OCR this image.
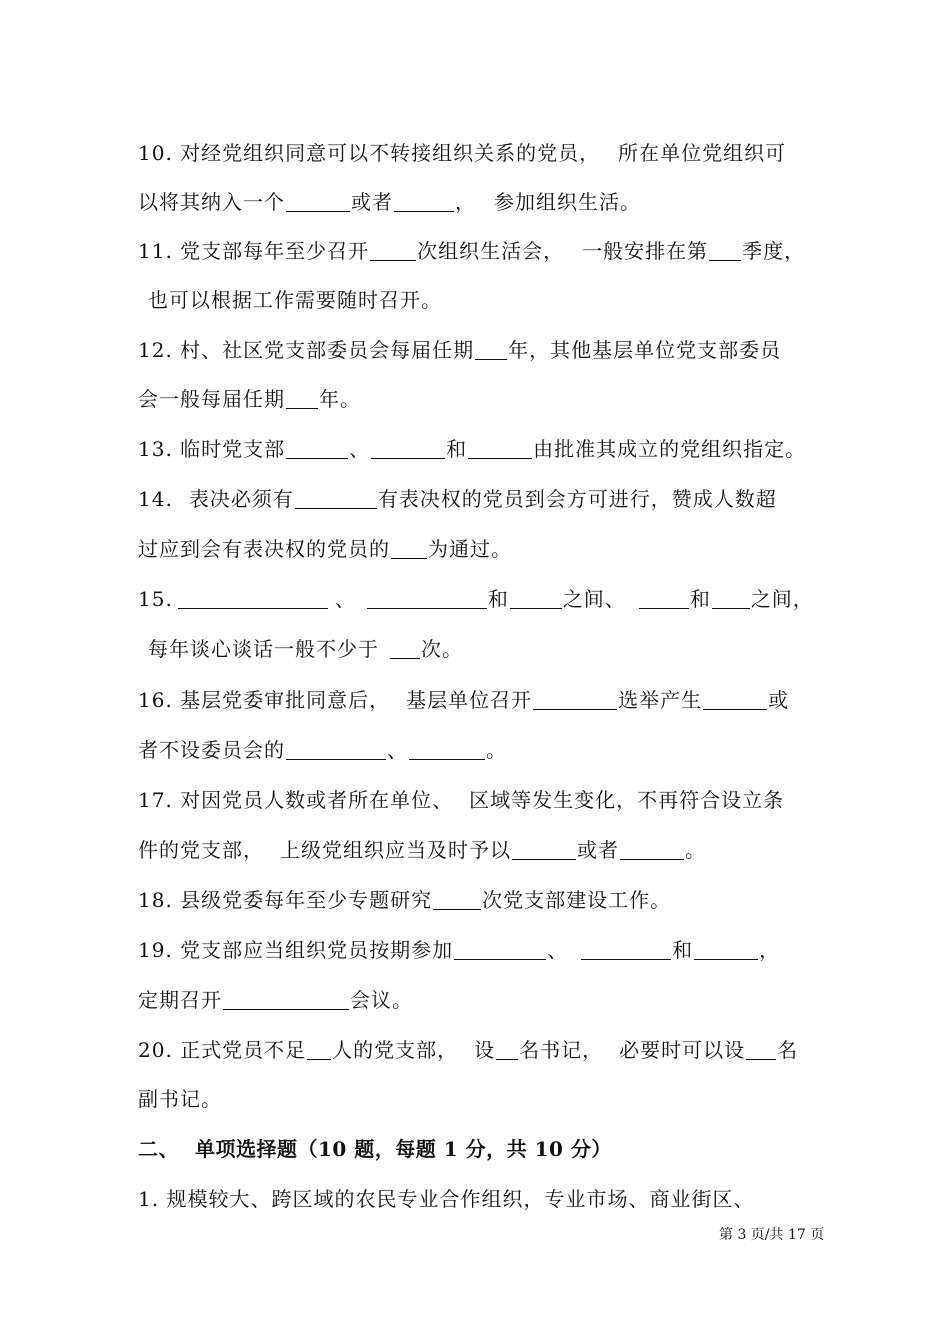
10. 对经党组织同意可以不转接组织关系的党员， 所在单位党组织可
以将其纳入一个	或者	， 参加组织生活。
11. 党支部每年至少召开 次组织生活会， 一般安排在第 季度，
也可以根据工作需要随时召开。
12. 村、社区党支部委员会每届任期 年，其他基层单位党支部委员
会一般每届任期 年。
13. 临时党支部	、	和	由批准其成立的党组织指定。
14. 表决必须有	有表决权的党员到会方可进行，赞成人数超
过应到会有表决权的党员的 为通过。
15.	、	和	之间、	和 之间，
每年谈心谈话一般不少于 次。
16. 基层党委审批同意后， 基层单位召开	选举产生	或
者不设委员会的	、	。
17. 对因党员人数或者所在单位、 区域等发生变化，不再符合设立条
件的党支部， 上级党组织应当及时予以	或者	。
18. 县级党委每年至少专题研究	次党支部建设工作。
19. 党支部应当组织党员按期参加	、	和	，
定期召开	会议。
20. 正式党员不足 人的党支部， 设 名书记， 必要时可以设 名
副书记。
二、 单项选择题（10 题，每题 1 分，共 10 分）
1. 规模较大、跨区域的农民专业合作组织，专业市场、商业街区、
第 3 页/共 17 页
